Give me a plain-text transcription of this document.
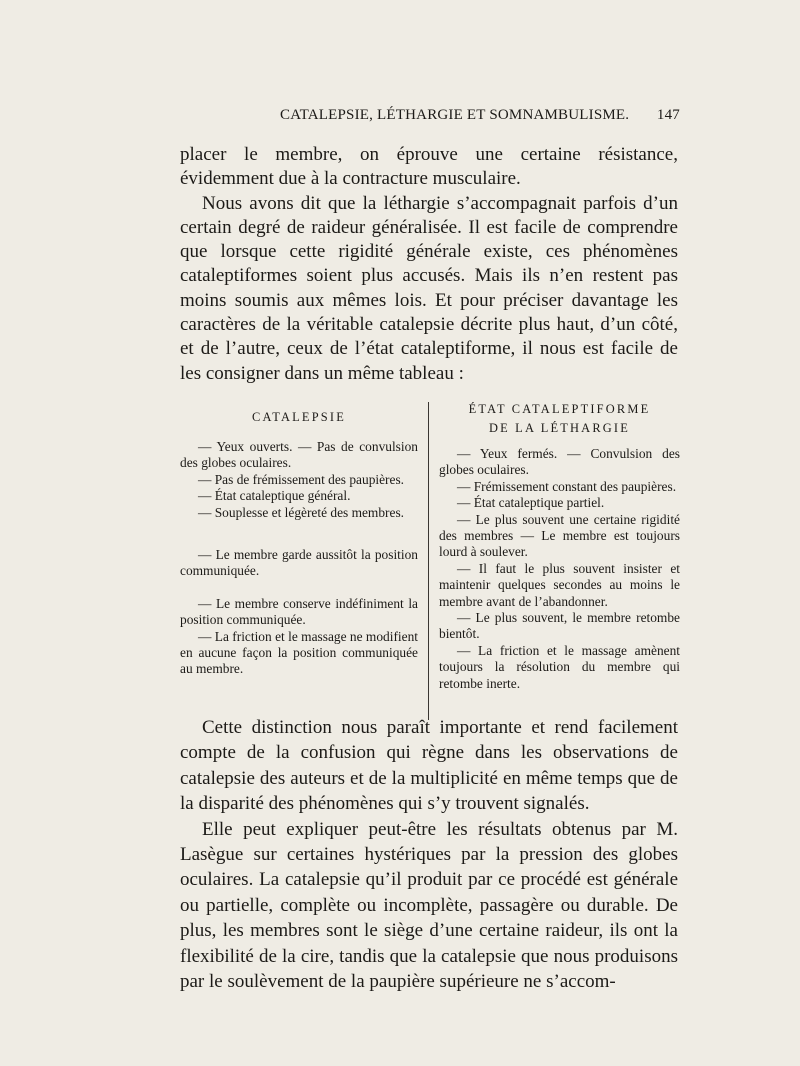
CATALEPSIE, LÉTHARGIE ET SOMNAMBULISME. 147

placer le membre, on éprouve une certaine résistance, évidemment due à la contracture musculaire.

Nous avons dit que la léthargie s’accompagnait parfois d’un certain degré de raideur généralisée. Il est facile de comprendre que lorsque cette rigidité générale existe, ces phénomènes cataleptiformes soient plus accusés. Mais ils n’en restent pas moins soumis aux mêmes lois. Et pour préciser davantage les caractères de la véritable catalepsie décrite plus haut, d’un côté, et de l’autre, ceux de l’état cataleptiforme, il nous est facile de les consigner dans un même tableau :

CATALEPSIE

— Yeux ouverts. — Pas de convulsion des globes oculaires.

— Pas de frémissement des paupières.

— État cataleptique général.

— Souplesse et légèreté des membres.

— Le membre garde aussitôt la position communiquée.

— Le membre conserve indéfiniment la position communiquée.

— La friction et le massage ne modifient en aucune façon la position communiquée au membre.

ÉTAT CATALEPTIFORME
DE LA LÉTHARGIE

— Yeux fermés. — Convulsion des globes oculaires.

— Frémissement constant des paupières.

— État cataleptique partiel.

— Le plus souvent une certaine rigidité des membres — Le membre est toujours lourd à soulever.

— Il faut le plus souvent insister et maintenir quelques secondes au moins le membre avant de l’abandonner.

— Le plus souvent, le membre retombe bientôt.

— La friction et le massage amènent toujours la résolution du membre qui retombe inerte.

Cette distinction nous paraît importante et rend facilement compte de la confusion qui règne dans les observations de catalepsie des auteurs et de la multiplicité en même temps que de la disparité des phénomènes qui s’y trouvent signalés.

Elle peut expliquer peut-être les résultats obtenus par M. Lasègue sur certaines hystériques par la pression des globes oculaires. La catalepsie qu’il produit par ce procédé est générale ou partielle, complète ou incomplète, passagère ou durable. De plus, les membres sont le siège d’une certaine raideur, ils ont la flexibilité de la cire, tandis que la catalepsie que nous produisons par le soulèvement de la paupière supérieure ne s’accom-
